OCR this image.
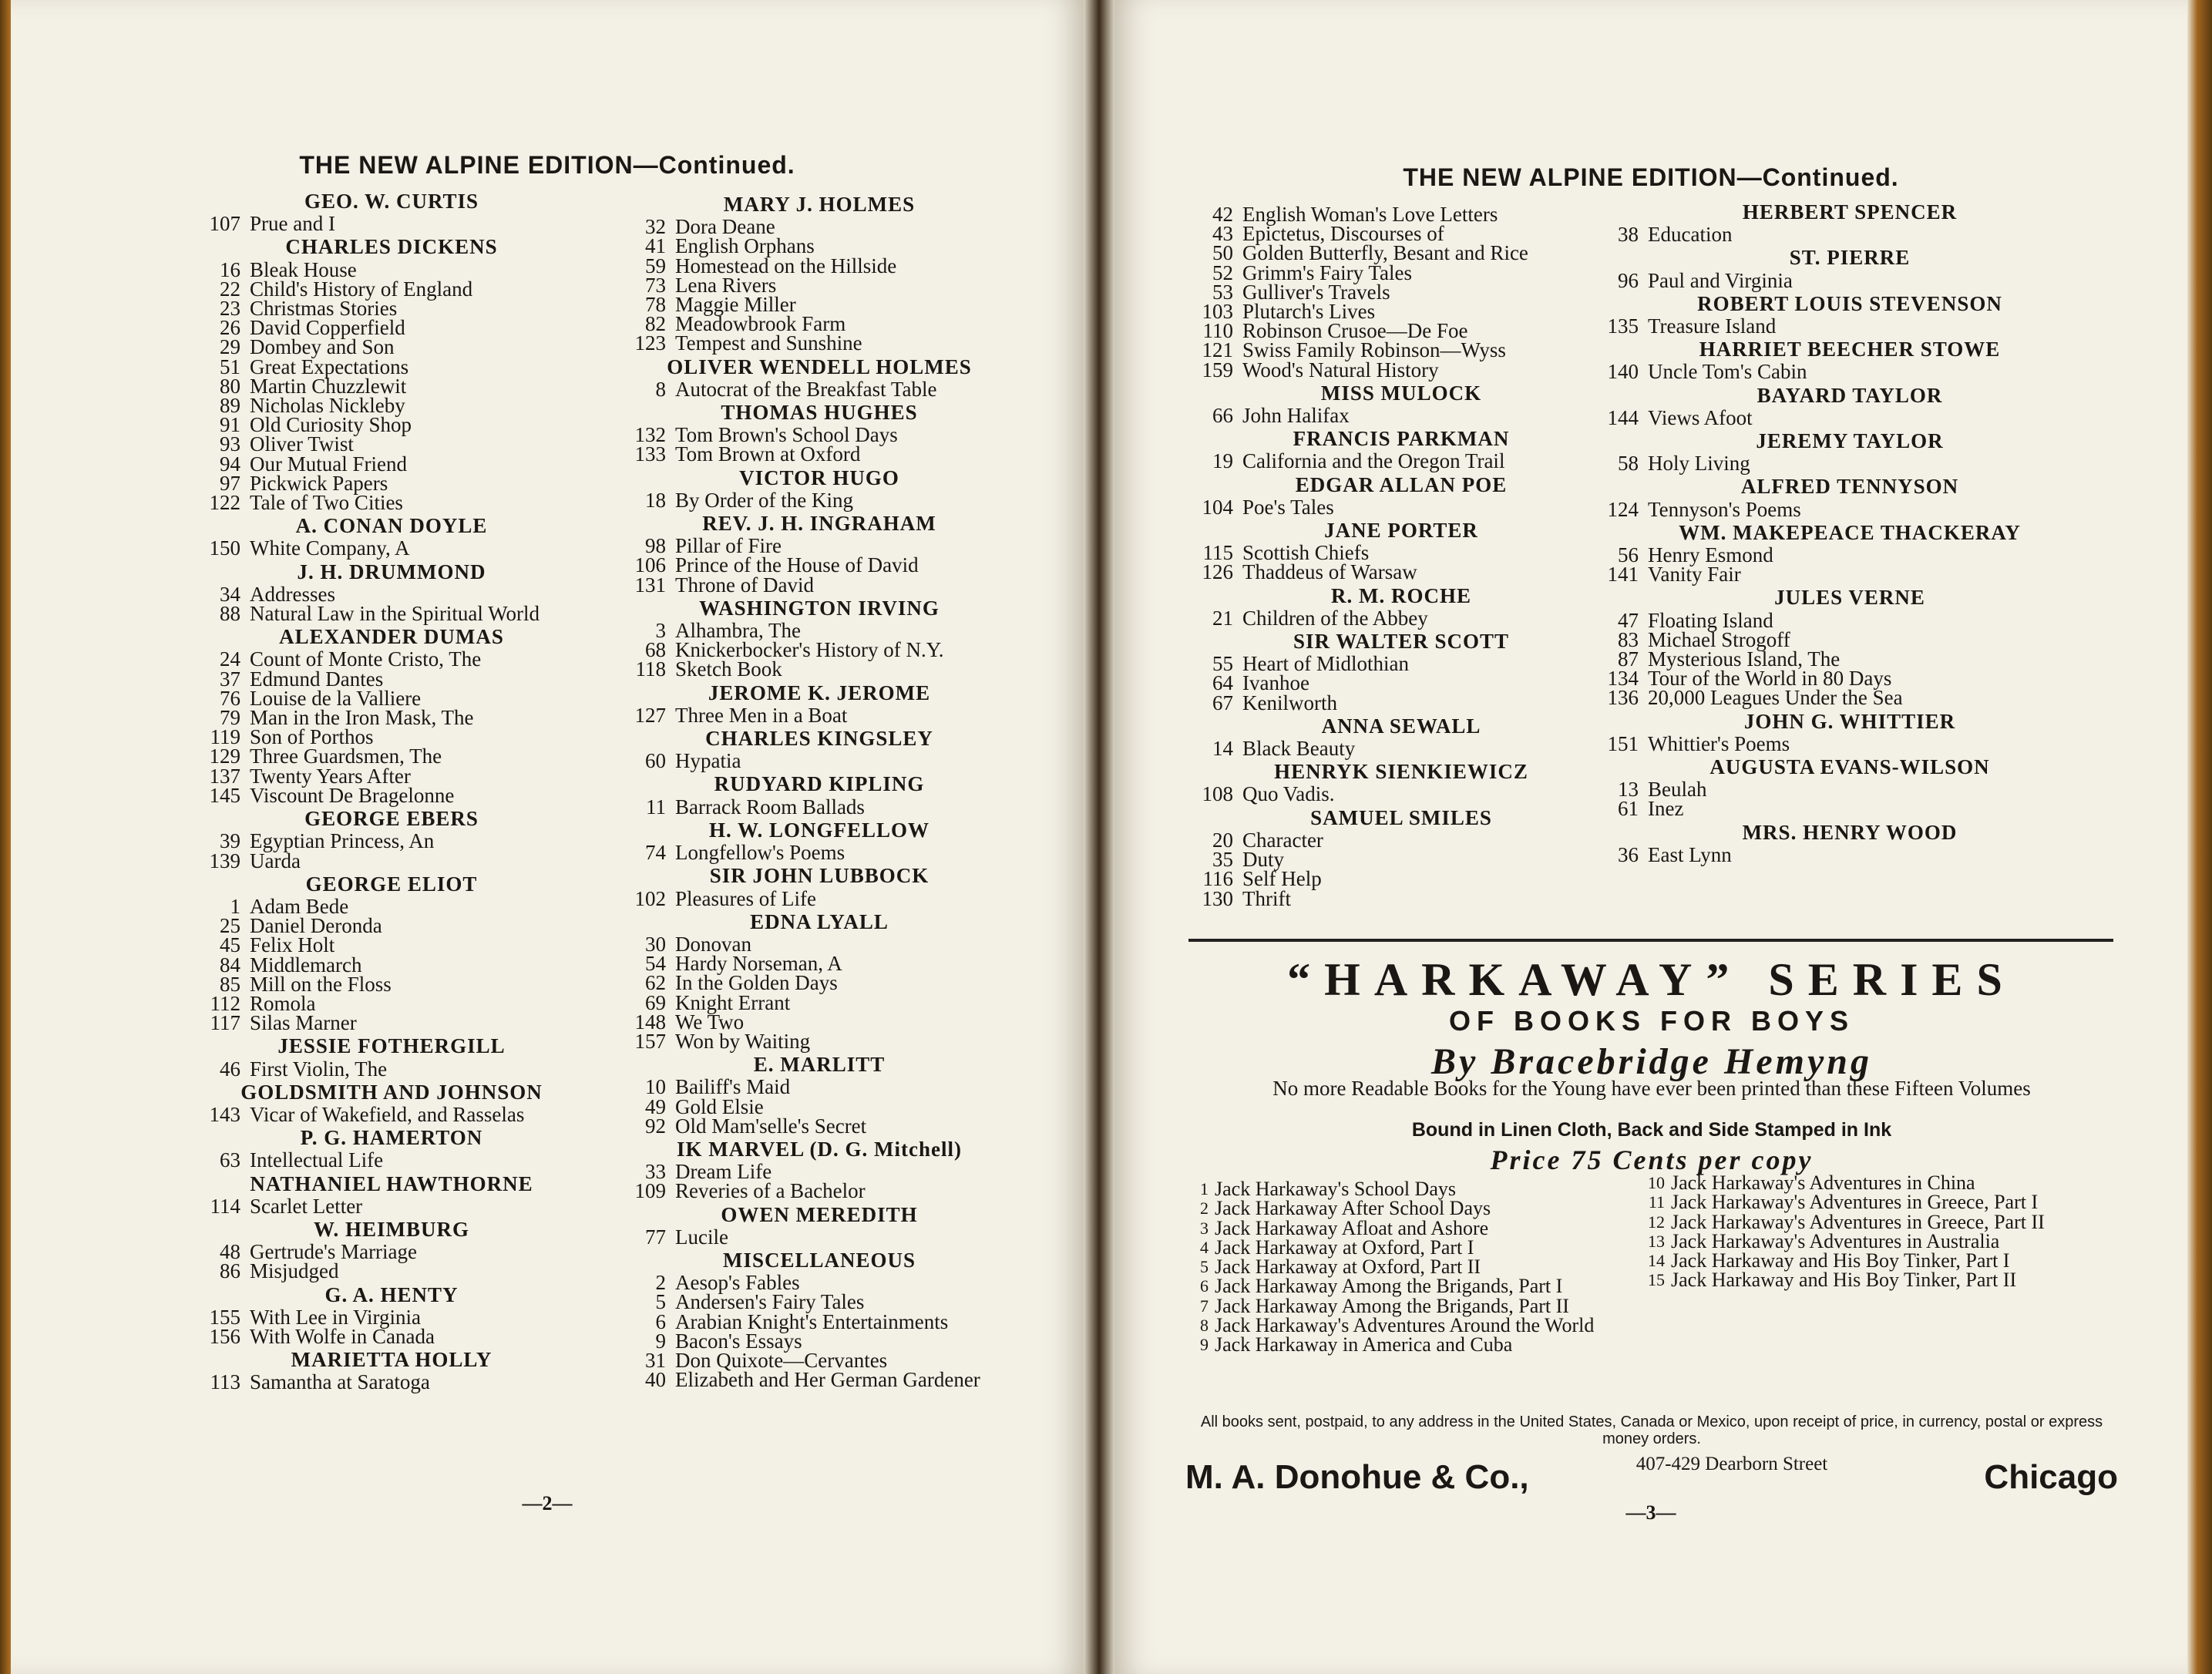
THE NEW ALPINE EDITION—Continued.
GEO. W. CURTIS
107 Prue and I
CHARLES DICKENS
16 Bleak House
22 Child's History of England
23 Christmas Stories
26 David Copperfield
29 Dombey and Son
51 Great Expectations
80 Martin Chuzzlewit
89 Nicholas Nickleby
91 Old Curiosity Shop
93 Oliver Twist
94 Our Mutual Friend
97 Pickwick Papers
122 Tale of Two Cities
A. CONAN DOYLE
150 White Company, A
J. H. DRUMMOND
34 Addresses
88 Natural Law in the Spiritual World
ALEXANDER DUMAS
24 Count of Monte Cristo, The
37 Edmund Dantes
76 Louise de la Valliere
79 Man in the Iron Mask, The
119 Son of Porthos
129 Three Guardsmen, The
137 Twenty Years After
145 Viscount De Bragelonne
GEORGE EBERS
39 Egyptian Princess, An
139 Uarda
GEORGE ELIOT
1 Adam Bede
25 Daniel Deronda
45 Felix Holt
84 Middlemarch
85 Mill on the Floss
112 Romola
117 Silas Marner
JESSIE FOTHERGILL
46 First Violin, The
GOLDSMITH AND JOHNSON
143 Vicar of Wakefield, and Rasselas
P. G. HAMERTON
63 Intellectual Life
NATHANIEL HAWTHORNE
114 Scarlet Letter
W. HEIMBURG
48 Gertrude's Marriage
86 Misjudged
G. A. HENTY
155 With Lee in Virginia
156 With Wolfe in Canada
MARIETTA HOLLY
113 Samantha at Saratoga
MARY J. HOLMES
32 Dora Deane
41 English Orphans
59 Homestead on the Hillside
73 Lena Rivers
78 Maggie Miller
82 Meadowbrook Farm
123 Tempest and Sunshine
OLIVER WENDELL HOLMES
8 Autocrat of the Breakfast Table
THOMAS HUGHES
132 Tom Brown's School Days
133 Tom Brown at Oxford
VICTOR HUGO
18 By Order of the King
REV. J. H. INGRAHAM
98 Pillar of Fire
106 Prince of the House of David
131 Throne of David
WASHINGTON IRVING
3 Alhambra, The
68 Knickerbocker's History of N.Y.
118 Sketch Book
JEROME K. JEROME
127 Three Men in a Boat
CHARLES KINGSLEY
60 Hypatia
RUDYARD KIPLING
11 Barrack Room Ballads
H. W. LONGFELLOW
74 Longfellow's Poems
SIR JOHN LUBBOCK
102 Pleasures of Life
EDNA LYALL
30 Donovan
54 Hardy Norseman, A
62 In the Golden Days
69 Knight Errant
148 We Two
157 Won by Waiting
E. MARLITT
10 Bailiff's Maid
49 Gold Elsie
92 Old Mam'selle's Secret
IK MARVEL (D. G. Mitchell)
33 Dream Life
109 Reveries of a Bachelor
OWEN MEREDITH
77 Lucile
MISCELLANEOUS
2 Aesop's Fables
5 Andersen's Fairy Tales
6 Arabian Knight's Entertainments
9 Bacon's Essays
31 Don Quixote—Cervantes
40 Elizabeth and Her German Gardener
—2—
THE NEW ALPINE EDITION—Continued.
42 English Woman's Love Letters
43 Epictetus, Discourses of
50 Golden Butterfly, Besant and Rice
52 Grimm's Fairy Tales
53 Gulliver's Travels
103 Plutarch's Lives
110 Robinson Crusoe—De Foe
121 Swiss Family Robinson—Wyss
159 Wood's Natural History
MISS MULOCK
66 John Halifax
FRANCIS PARKMAN
19 California and the Oregon Trail
EDGAR ALLAN POE
104 Poe's Tales
JANE PORTER
115 Scottish Chiefs
126 Thaddeus of Warsaw
R. M. ROCHE
21 Children of the Abbey
SIR WALTER SCOTT
55 Heart of Midlothian
64 Ivanhoe
67 Kenilworth
ANNA SEWALL
14 Black Beauty
HENRYK SIENKIEWICZ
108 Quo Vadis.
SAMUEL SMILES
20 Character
35 Duty
116 Self Help
130 Thrift
HERBERT SPENCER
38 Education
ST. PIERRE
96 Paul and Virginia
ROBERT LOUIS STEVENSON
135 Treasure Island
HARRIET BEECHER STOWE
140 Uncle Tom's Cabin
BAYARD TAYLOR
144 Views Afoot
JEREMY TAYLOR
58 Holy Living
ALFRED TENNYSON
124 Tennyson's Poems
WM. MAKEPEACE THACKERAY
56 Henry Esmond
141 Vanity Fair
JULES VERNE
47 Floating Island
83 Michael Strogoff
87 Mysterious Island, The
134 Tour of the World in 80 Days
136 20,000 Leagues Under the Sea
JOHN G. WHITTIER
151 Whittier's Poems
AUGUSTA EVANS-WILSON
13 Beulah
61 Inez
MRS. HENRY WOOD
36 East Lynn
“HARKAWAY” SERIES
OF BOOKS FOR BOYS
By Bracebridge Hemyng
No more Readable Books for the Young have ever been printed than these Fifteen Volumes
Bound in Linen Cloth, Back and Side Stamped in Ink
Price 75 Cents per copy
1 Jack Harkaway's School Days
2 Jack Harkaway After School Days
3 Jack Harkaway Afloat and Ashore
4 Jack Harkaway at Oxford, Part I
5 Jack Harkaway at Oxford, Part II
6 Jack Harkaway Among the Brigands, Part I
7 Jack Harkaway Among the Brigands, Part II
8 Jack Harkaway's Adventures Around the World
9 Jack Harkaway in America and Cuba
10 Jack Harkaway's Adventures in China
11 Jack Harkaway's Adventures in Greece, Part I
12 Jack Harkaway's Adventures in Greece, Part II
13 Jack Harkaway's Adventures in Australia
14 Jack Harkaway and His Boy Tinker, Part I
15 Jack Harkaway and His Boy Tinker, Part II
All books sent, postpaid, to any address in the United States, Canada or Mexico, upon receipt of price, in currency, postal or express money orders.
M. A. Donohue & Co.,	407-429 Dearborn Street	Chicago
—3—
